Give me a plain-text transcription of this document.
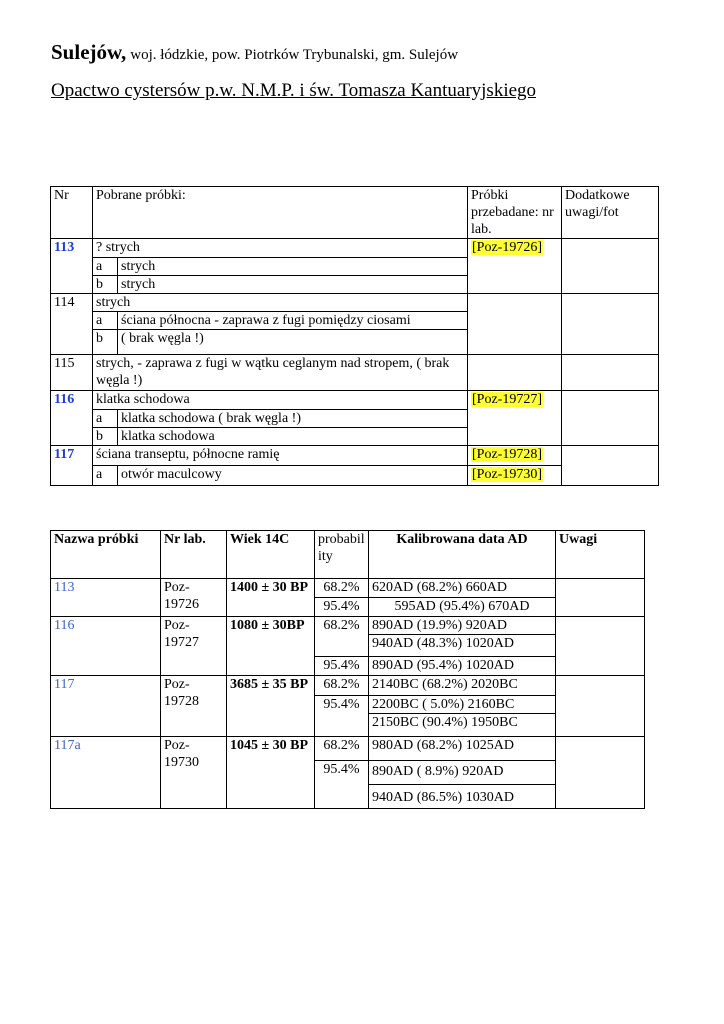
Sulejów, woj. łódzkie, pow. Piotrków Trybunalski, gm. Sulejów
Opactwo cystersów p.w. N.M.P. i św. Tomasza Kantuaryjskiego
Nr	Pobrane próbki:		Próbki przebadane: nr lab.	Dodatkowe uwagi/fot
113	? strych		[Poz-19726]	
	a	strych		
	b	strych		
114	strych			
	a	ściana północna - zaprawa z fugi pomiędzy ciosami		
	b	( brak węgla !)		
115	strych, - zaprawa z fugi w wątku ceglanym nad stropem, ( brak węgla !)			
116	klatka schodowa		[Poz-19727]	
	a	klatka schodowa ( brak węgla !)		
	b	klatka schodowa		
117	ściana transeptu, północne ramię		[Poz-19728]	
	a	otwór maculcowy	[Poz-19730]	
Nazwa próbki	Nr lab.	Wiek 14C	probability	Kalibrowana data AD	Uwagi
113	Poz-19726	1400 ± 30 BP	68.2%	620AD (68.2%) 660AD	
			95.4%	595AD (95.4%) 670AD	
116	Poz-19727	1080 ± 30BP	68.2%	890AD (19.9%) 920AD
940AD (48.3%) 1020AD	

			95.4%	890AD (95.4%) 1020AD	
117	Poz-19728	3685 ± 35 BP	68.2%	2140BC (68.2%) 2020BC	
			95.4%	2200BC ( 5.0%) 2160BC
2150BC (90.4%) 1950BC	

117a	Poz-19730	1045 ± 30 BP	68.2%	980AD (68.2%) 1025AD	
			95.4%	890AD ( 8.9%) 920AD
940AD (86.5%) 1030AD	
